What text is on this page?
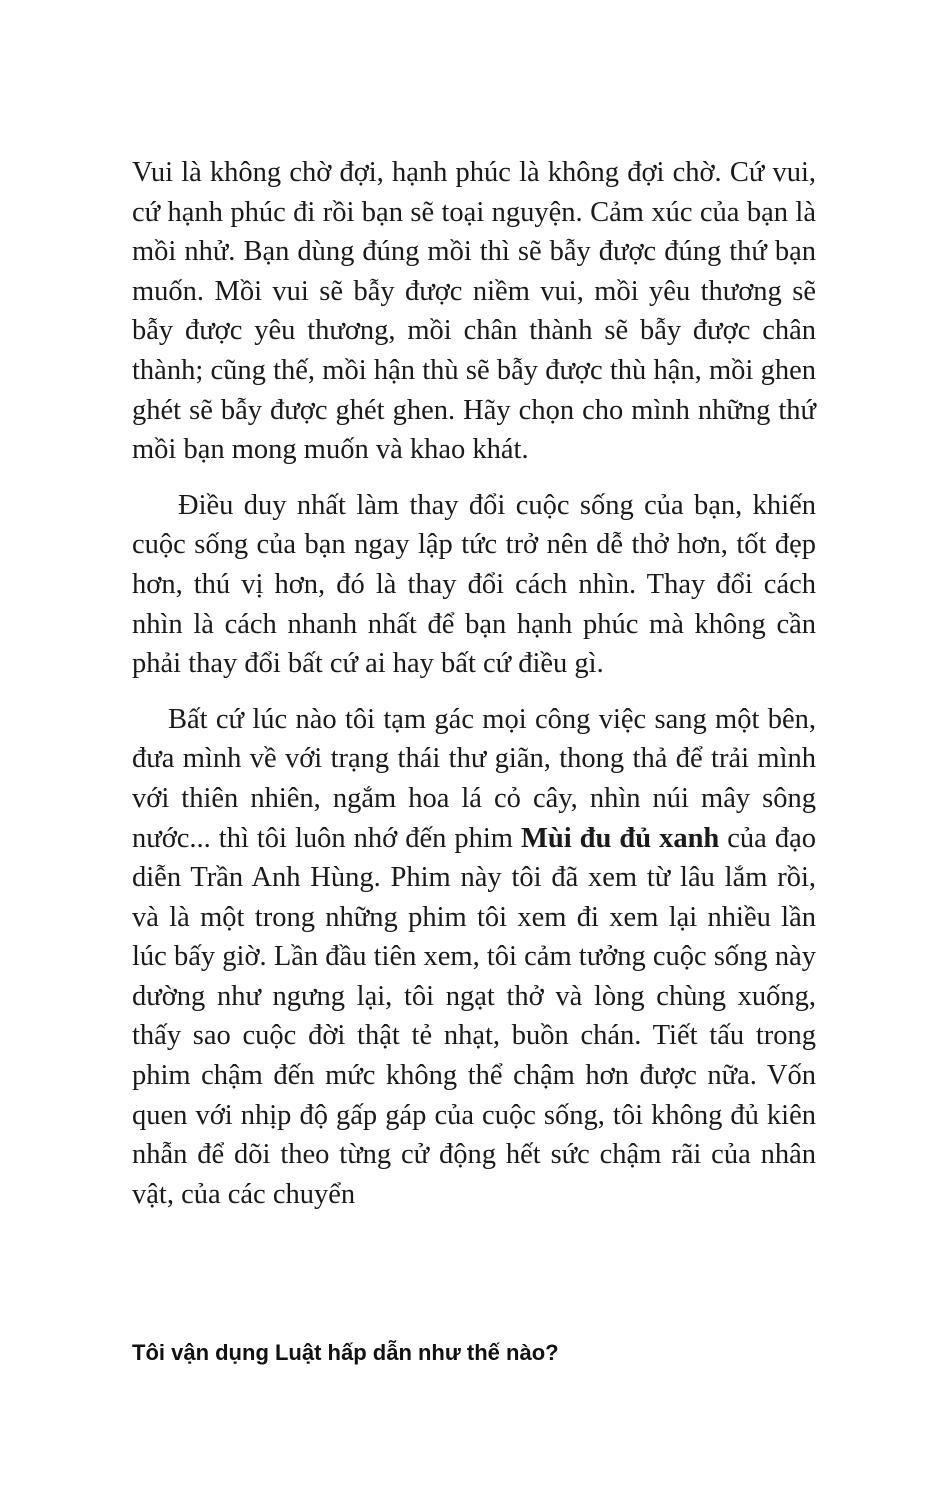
Vui là không chờ đợi, hạnh phúc là không đợi chờ. Cứ vui, cứ hạnh phúc đi rồi bạn sẽ toại nguyện. Cảm xúc của bạn là mồi nhử. Bạn dùng đúng mồi thì sẽ bẫy được đúng thứ bạn muốn. Mồi vui sẽ bẫy được niềm vui, mồi yêu thương sẽ bẫy được yêu thương, mồi chân thành sẽ bẫy được chân thành; cũng thế, mồi hận thù sẽ bẫy được thù hận, mồi ghen ghét sẽ bẫy được ghét ghen. Hãy chọn cho mình những thứ mồi bạn mong muốn và khao khát.

Điều duy nhất làm thay đổi cuộc sống của bạn, khiến cuộc sống của bạn ngay lập tức trở nên dễ thở hơn, tốt đẹp hơn, thú vị hơn, đó là thay đổi cách nhìn. Thay đổi cách nhìn là cách nhanh nhất để bạn hạnh phúc mà không cần phải thay đổi bất cứ ai hay bất cứ điều gì.

Bất cứ lúc nào tôi tạm gác mọi công việc sang một bên, đưa mình về với trạng thái thư giãn, thong thả để trải mình với thiên nhiên, ngắm hoa lá cỏ cây, nhìn núi mây sông nước... thì tôi luôn nhớ đến phim Mùi đu đủ xanh của đạo diễn Trần Anh Hùng. Phim này tôi đã xem từ lâu lắm rồi, và là một trong những phim tôi xem đi xem lại nhiều lần lúc bấy giờ. Lần đầu tiên xem, tôi cảm tưởng cuộc sống này dường như ngưng lại, tôi ngạt thở và lòng chùng xuống, thấy sao cuộc đời thật tẻ nhạt, buồn chán. Tiết tấu trong phim chậm đến mức không thể chậm hơn được nữa. Vốn quen với nhịp độ gấp gáp của cuộc sống, tôi không đủ kiên nhẫn để dõi theo từng cử động hết sức chậm rãi của nhân vật, của các chuyển

Tôi vận dụng Luật hấp dẫn như thế nào?
